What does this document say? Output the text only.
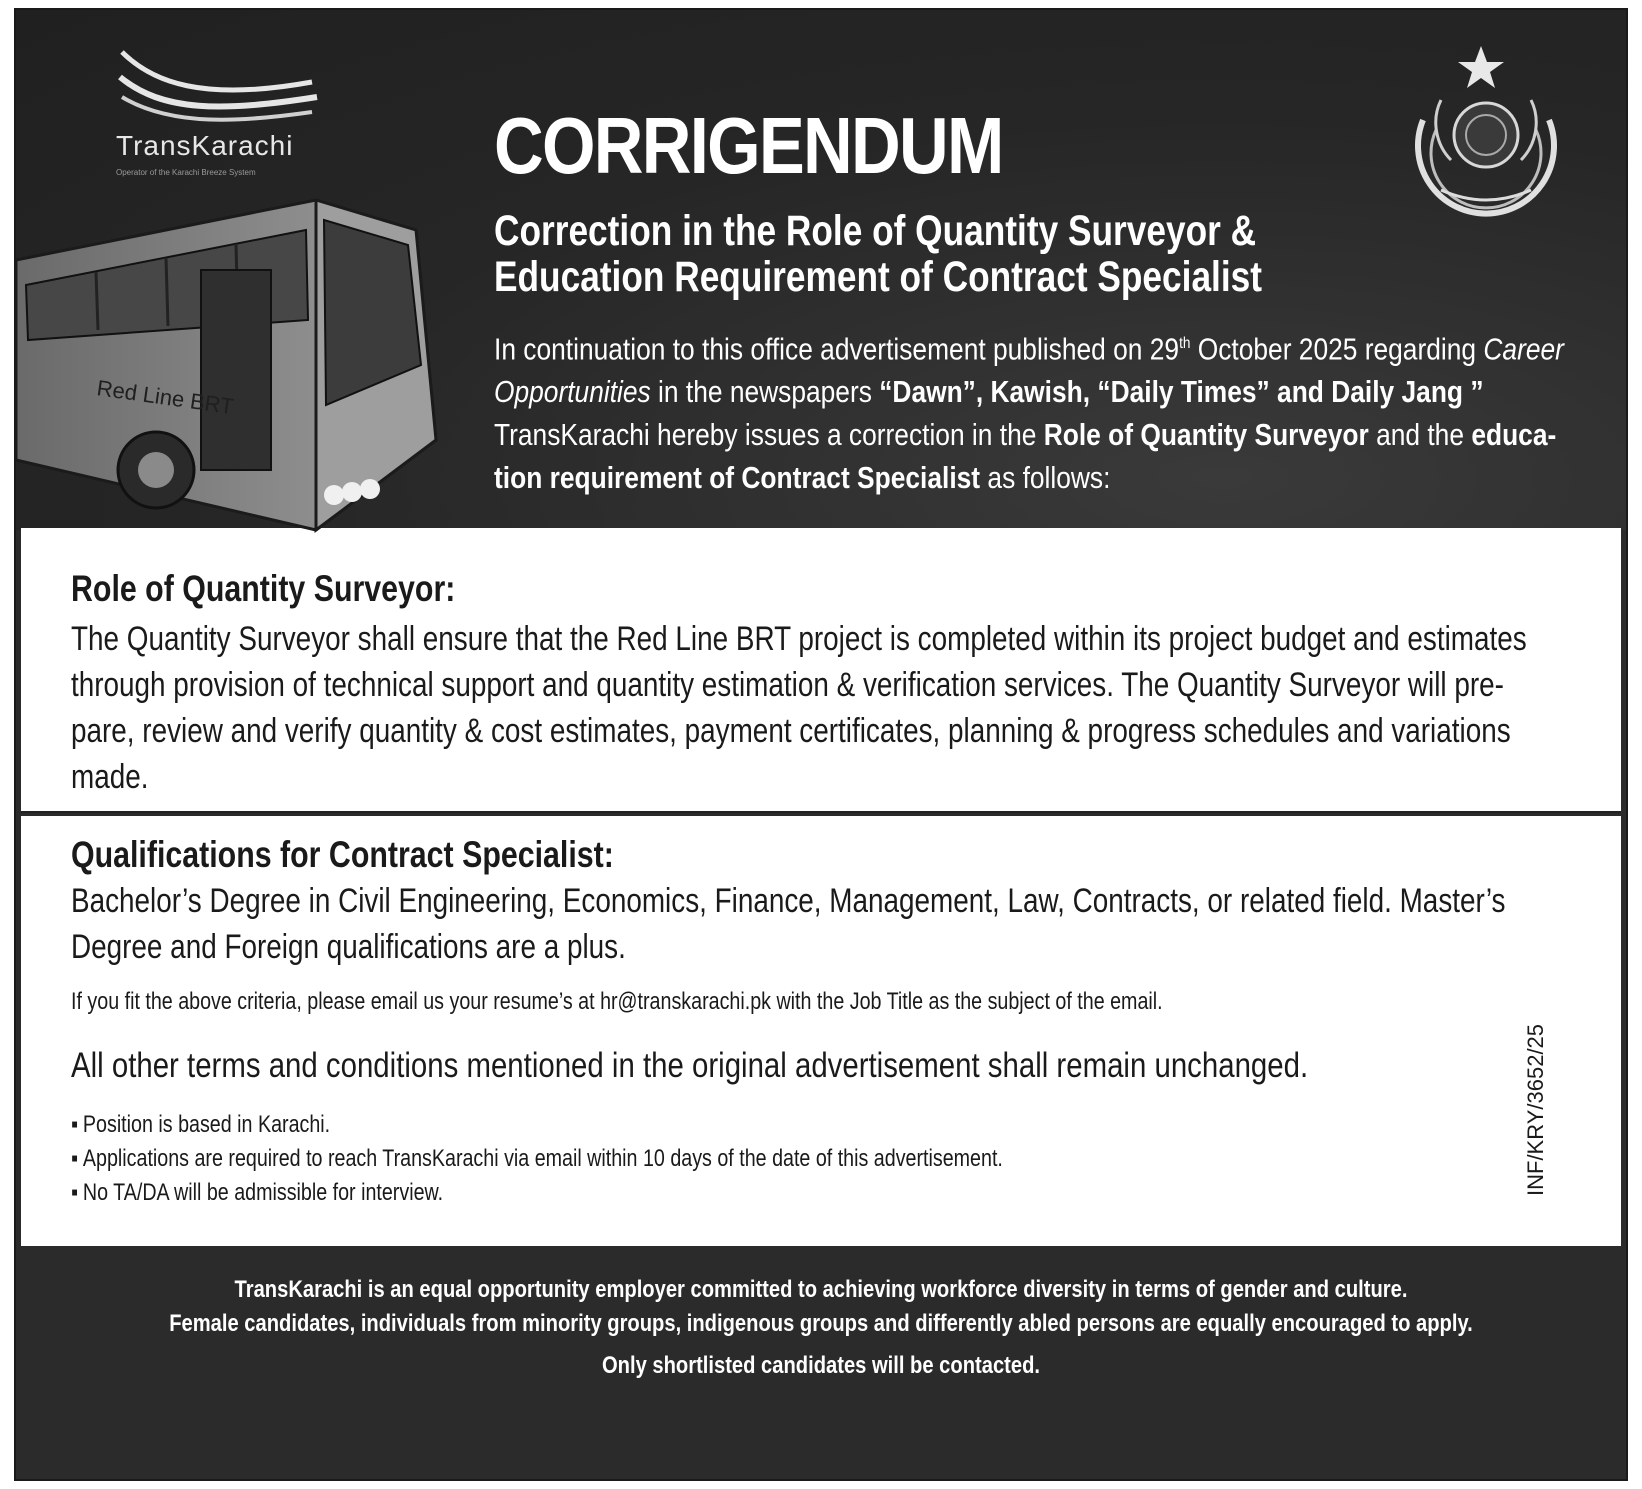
TransKarachi
Operator of the Karachi Breeze System	CORRIGENDUM
Correction in the Role of Quantity Surveyor &
Education Requirement of Contract Specialist
In continuation to this office advertisement published on 29th October 2025 regarding Career Opportunities in the newspapers “Dawn”, Kawish, “Daily Times” and Daily Jang ” TransKarachi hereby issues a correction in the Role of Quantity Surveyor and the educa-tion requirement of Contract Specialist as follows:
Red Line BRT
Role of Quantity Surveyor:
The Quantity Surveyor shall ensure that the Red Line BRT project is completed within its project budget and estimates through provision of technical support and quantity estimation & verification services. The Quantity Surveyor will pre-pare, review and verify quantity & cost estimates, payment certificates, planning & progress schedules and variations made.
Qualifications for Contract Specialist:
Bachelor’s Degree in Civil Engineering, Economics, Finance, Management, Law, Contracts, or related field. Master’s Degree and Foreign qualifications are a plus.
If you fit the above criteria, please email us your resume’s at hr@transkarachi.pk with the Job Title as the subject of the email.
All other terms and conditions mentioned in the original advertisement shall remain unchanged.
▪ Position is based in Karachi.
▪ Applications are required to reach TransKarachi via email within 10 days of the date of this advertisement.
▪ No TA/DA will be admissible for interview.	INF/KRY/3652/25

TransKarachi is an equal opportunity employer committed to achieving workforce diversity in terms of gender and culture.

Female candidates, individuals from minority groups, indigenous groups and differently abled persons are equally encouraged to apply.

Only shortlisted candidates will be contacted.
